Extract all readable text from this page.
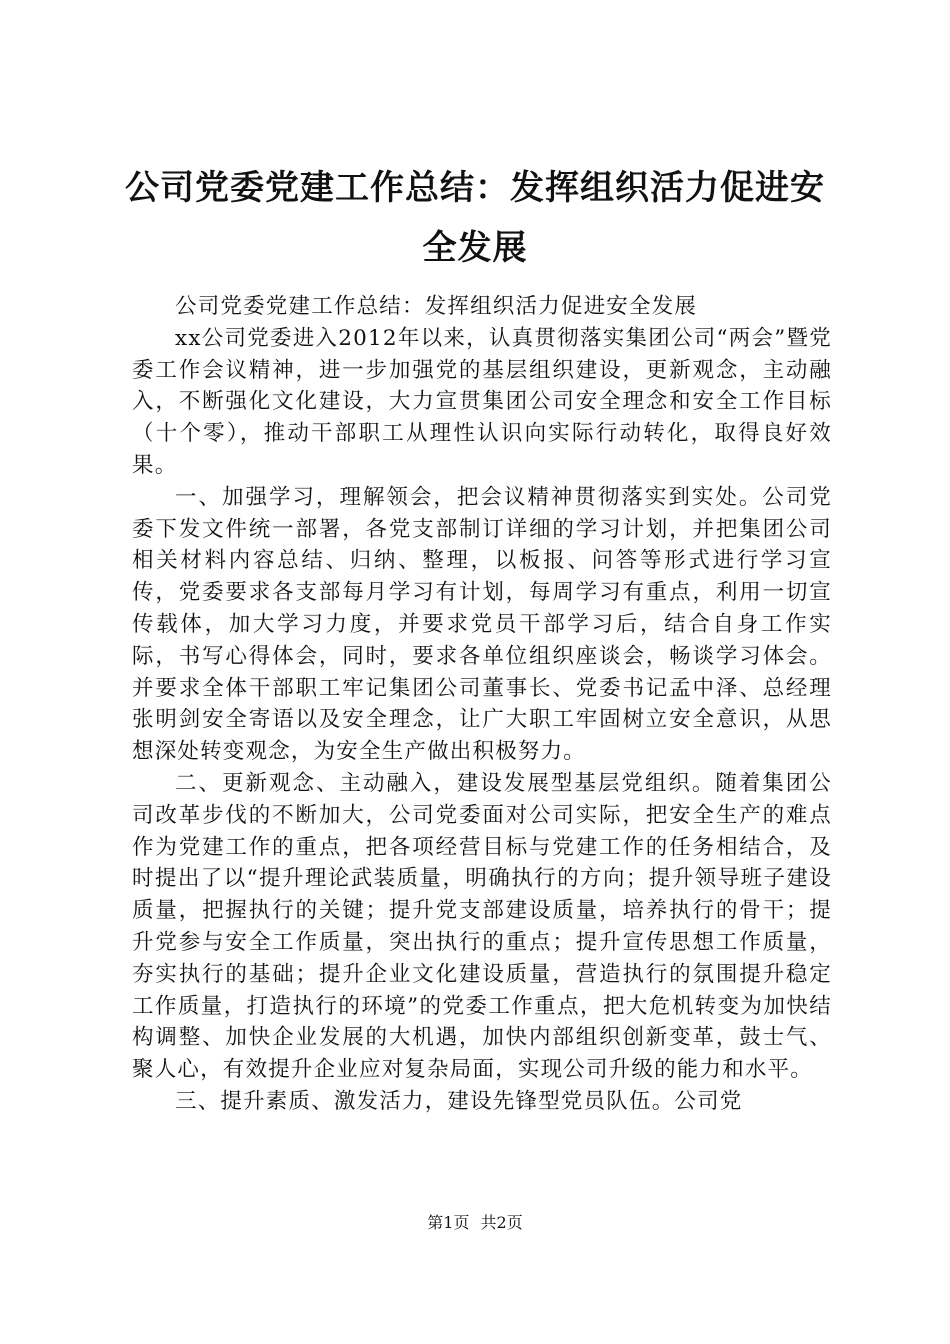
公司党委党建工作总结：发挥组织活力促进安全发展

公司党委党建工作总结：发挥组织活力促进安全发展

xx公司党委进入2012年以来，认真贯彻落实集团公司“两会”暨党委工作会议精神，进一步加强党的基层组织建设，更新观念，主动融入，不断强化文化建设，大力宣贯集团公司安全理念和安全工作目标（十个零），推动干部职工从理性认识向实际行动转化，取得良好效果。

一、加强学习，理解领会，把会议精神贯彻落实到实处。公司党委下发文件统一部署，各党支部制订详细的学习计划，并把集团公司相关材料内容总结、归纳、整理，以板报、问答等形式进行学习宣传，党委要求各支部每月学习有计划，每周学习有重点，利用一切宣传载体，加大学习力度，并要求党员干部学习后，结合自身工作实际，书写心得体会，同时，要求各单位组织座谈会，畅谈学习体会。并要求全体干部职工牢记集团公司董事长、党委书记孟中泽、总经理张明剑安全寄语以及安全理念，让广大职工牢固树立安全意识，从思想深处转变观念，为安全生产做出积极努力。

二、更新观念、主动融入，建设发展型基层党组织。随着集团公司改革步伐的不断加大，公司党委面对公司实际，把安全生产的难点作为党建工作的重点，把各项经营目标与党建工作的任务相结合，及时提出了以“提升理论武装质量，明确执行的方向；提升领导班子建设质量，把握执行的关键；提升党支部建设质量，培养执行的骨干；提升党参与安全工作质量，突出执行的重点；提升宣传思想工作质量，夯实执行的基础；提升企业文化建设质量，营造执行的氛围提升稳定工作质量，打造执行的环境”的党委工作重点，把大危机转变为加快结构调整、加快企业发展的大机遇，加快内部组织创新变革，鼓士气、聚人心，有效提升企业应对复杂局面，实现公司升级的能力和水平。

三、提升素质、激发活力，建设先锋型党员队伍。公司党

第1页 共2页
